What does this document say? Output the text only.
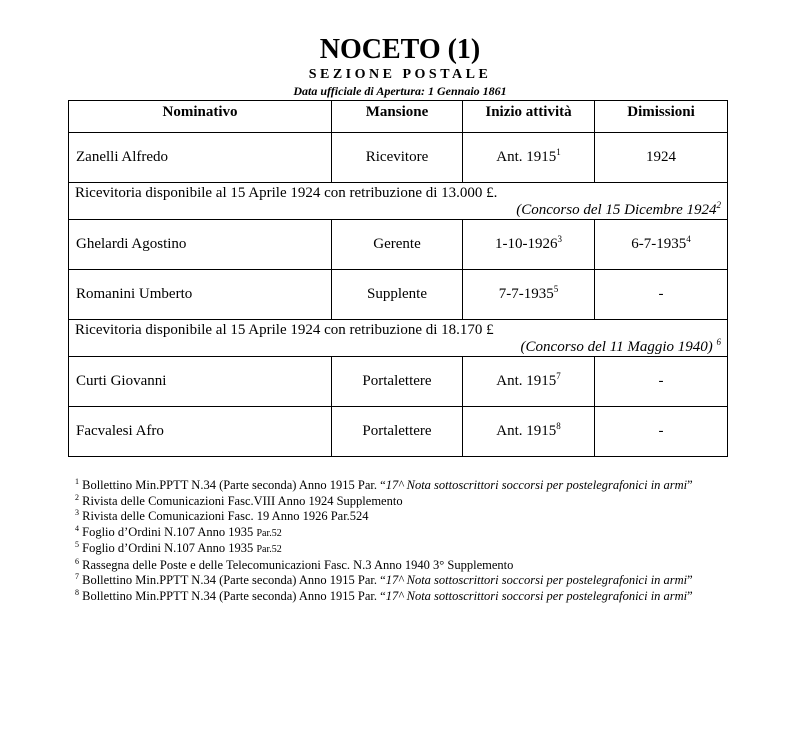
NOCETO (1)
SEZIONE POSTALE
Data ufficiale di Apertura: 1 Gennaio 1861
Nominativo	Mansione	Inizio attività	Dimissioni
Zanelli Alfredo	Ricevitore	Ant. 1915$^1$	1924

Ricevitoria disponibile al 15 Aprile 1924 con retribuzione di 13.000 £.
(Concorso del 15 Dicembre 1924$^2$

Ghelardi Agostino	Gerente	1-10-1926$^3$	6-7-1935$^4$
Romanini Umberto	Supplente	7-7-1935$^5$	-

Ricevitoria disponibile al 15 Aprile 1924 con retribuzione di 18.170 £
(Concorso del 11 Maggio 1940) $^6$

Curti Giovanni	Portalettere	Ant. 1915$^7$	-
Facvalesi Afro	Portalettere	Ant. 1915$^8$	-

$^1$ Bollettino Min.PPTT N.34 (Parte seconda) Anno 1915 Par. “17^ Nota sottoscrittori soccorsi per postelegrafonici in armi”

$^2$ Rivista delle Comunicazioni Fasc.VIII Anno 1924 Supplemento

$^3$ Rivista delle Comunicazioni Fasc. 19 Anno 1926 Par.524

$^4$ Foglio d’Ordini N.107 Anno 1935 Par.52

$^5$ Foglio d’Ordini N.107 Anno 1935 Par.52

$^6$ Rassegna delle Poste e delle Telecomunicazioni Fasc. N.3 Anno 1940 3° Supplemento

$^7$ Bollettino Min.PPTT N.34 (Parte seconda) Anno 1915 Par. “17^ Nota sottoscrittori soccorsi per postelegrafonici in armi”

$^8$ Bollettino Min.PPTT N.34 (Parte seconda) Anno 1915 Par. “17^ Nota sottoscrittori soccorsi per postelegrafonici in armi”
